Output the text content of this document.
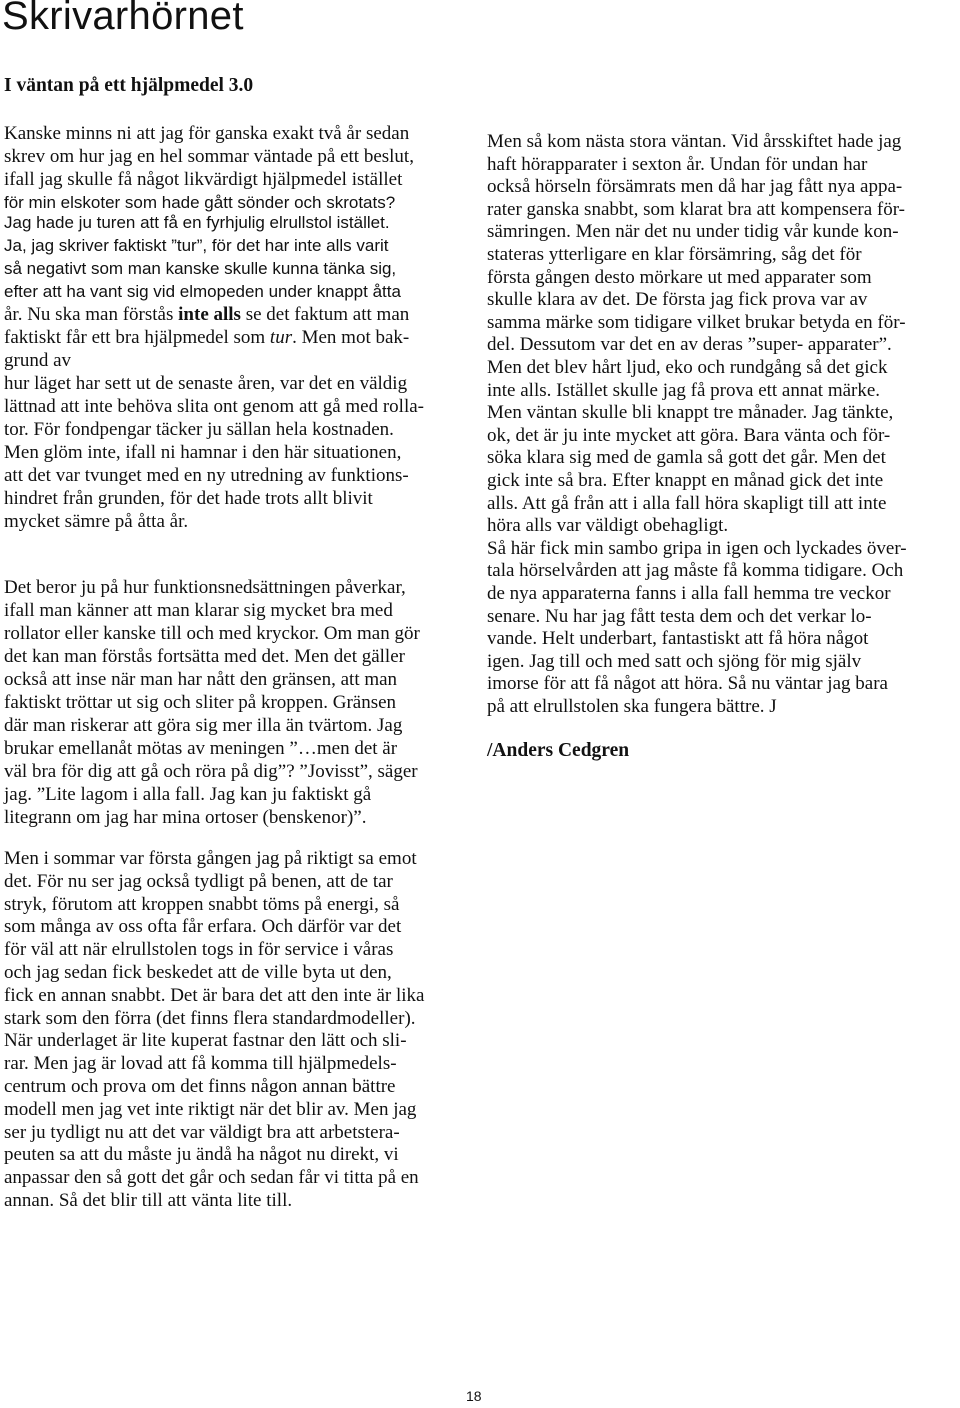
Skrivarhörnet
I väntan på ett hjälpmedel 3.0
Kanske minns ni att jag för ganska exakt två år sedan
skrev om hur jag en hel sommar väntade på ett beslut,
ifall jag skulle få något likvärdigt hjälpmedel istället
för min elskoter som hade gått sönder och skrotats?
Jag hade ju turen att få en fyrhjulig elrullstol istället.
Ja, jag skriver faktiskt ”tur”, för det har inte alls varit
så negativt som man kanske skulle kunna tänka sig,
efter att ha vant sig vid elmopeden under knappt åtta
år. Nu ska man förstås inte alls se det faktum att man
faktiskt får ett bra hjälpmedel som tur. Men mot bak-
grund av
hur läget har sett ut de senaste åren, var det en väldig
lättnad att inte behöva slita ont genom att gå med rolla-
tor. För fondpengar täcker ju sällan hela kostnaden.
Men glöm inte, ifall ni hamnar i den här situationen,
att det var tvunget med en ny utredning av funktions-
hindret från grunden, för det hade trots allt blivit
mycket sämre på åtta år.
Det beror ju på hur funktionsnedsättningen påverkar,
ifall man känner att man klarar sig mycket bra med
rollator eller kanske till och med kryckor. Om man gör
det kan man förstås fortsätta med det. Men det gäller
också att inse när man har nått den gränsen, att man
faktiskt tröttar ut sig och sliter på kroppen. Gränsen
där man riskerar att göra sig mer illa än tvärtom. Jag
brukar emellanåt mötas av meningen ”…men det är
väl bra för dig att gå och röra på dig”? ”Jovisst”, säger
jag. ”Lite lagom i alla fall. Jag kan ju faktiskt gå
litegrann om jag har mina ortoser (benskenor)”.
Men i sommar var första gången jag på riktigt sa emot
det. För nu ser jag också tydligt på benen, att de tar
stryk, förutom att kroppen snabbt töms på energi, så
som många av oss ofta får erfara. Och därför var det
för väl att när elrullstolen togs in för service i våras
och jag sedan fick beskedet att de ville byta ut den,
fick en annan snabbt. Det är bara det att den inte är lika
stark som den förra (det finns flera standardmodeller).
När underlaget är lite kuperat fastnar den lätt och sli-
rar. Men jag är lovad att få komma till hjälpmedels-
centrum och prova om det finns någon annan bättre
modell men jag vet inte riktigt när det blir av. Men jag
ser ju tydligt nu att det var väldigt bra att arbetstera-
peuten sa att du måste ju ändå ha något nu direkt, vi
anpassar den så gott det går och sedan får vi titta på en
annan. Så det blir till att vänta lite till.
Men så kom nästa stora väntan. Vid årsskiftet hade jag
haft hörapparater i sexton år. Undan för undan har
också hörseln försämrats men då har jag fått nya appa-
rater ganska snabbt, som klarat bra att kompensera för-
sämringen. Men när det nu under tidig vår kunde kon-
stateras ytterligare en klar försämring, såg det för
första gången desto mörkare ut med apparater som
skulle klara av det. De första jag fick prova var av
samma märke som tidigare vilket brukar betyda en för-
del. Dessutom var det en av deras ”super- apparater”.
Men det blev hårt ljud, eko och rundgång så det gick
inte alls. Istället skulle jag få prova ett annat märke.
Men väntan skulle bli knappt tre månader. Jag tänkte,
ok, det är ju inte mycket att göra. Bara vänta och för-
söka klara sig med de gamla så gott det går. Men det
gick inte så bra. Efter knappt en månad gick det inte
alls. Att gå från att i alla fall höra skapligt till att inte
höra alls var väldigt obehagligt.
Så här fick min sambo gripa in igen och lyckades över-
tala hörselvården att jag måste få komma tidigare. Och
de nya apparaterna fanns i alla fall hemma tre veckor
senare. Nu har jag fått testa dem och det verkar lo-
vande. Helt underbart, fantastiskt att få höra något
igen. Jag till och med satt och sjöng för mig själv
imorse för att få något att höra. Så nu väntar jag bara
på att elrullstolen ska fungera bättre. J
/Anders Cedgren
18
